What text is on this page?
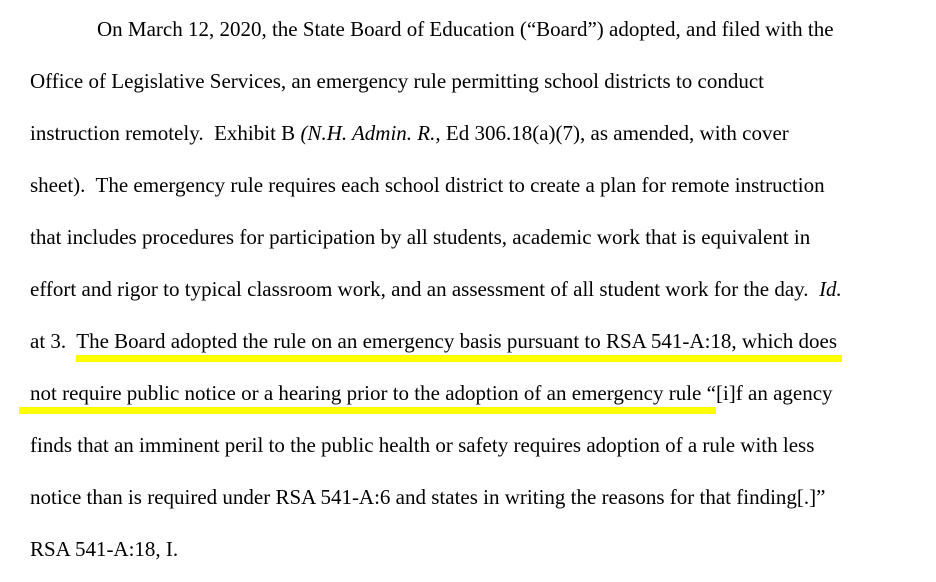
On March 12, 2020, the State Board of Education (“Board”) adopted, and filed with the
Office of Legislative Services, an emergency rule permitting school districts to conduct
instruction remotely.  Exhibit B (N.H. Admin. R., Ed 306.18(a)(7), as amended, with cover
sheet).  The emergency rule requires each school district to create a plan for remote instruction
that includes procedures for participation by all students, academic work that is equivalent in
effort and rigor to typical classroom work, and an assessment of all student work for the day.  Id.
at 3.  The Board adopted the rule on an emergency basis pursuant to RSA 541-A:18, which does
not require public notice or a hearing prior to the adoption of an emergency rule “[i]f an agency
finds that an imminent peril to the public health or safety requires adoption of a rule with less
notice than is required under RSA 541-A:6 and states in writing the reasons for that finding[.]”
RSA 541-A:18, I.
